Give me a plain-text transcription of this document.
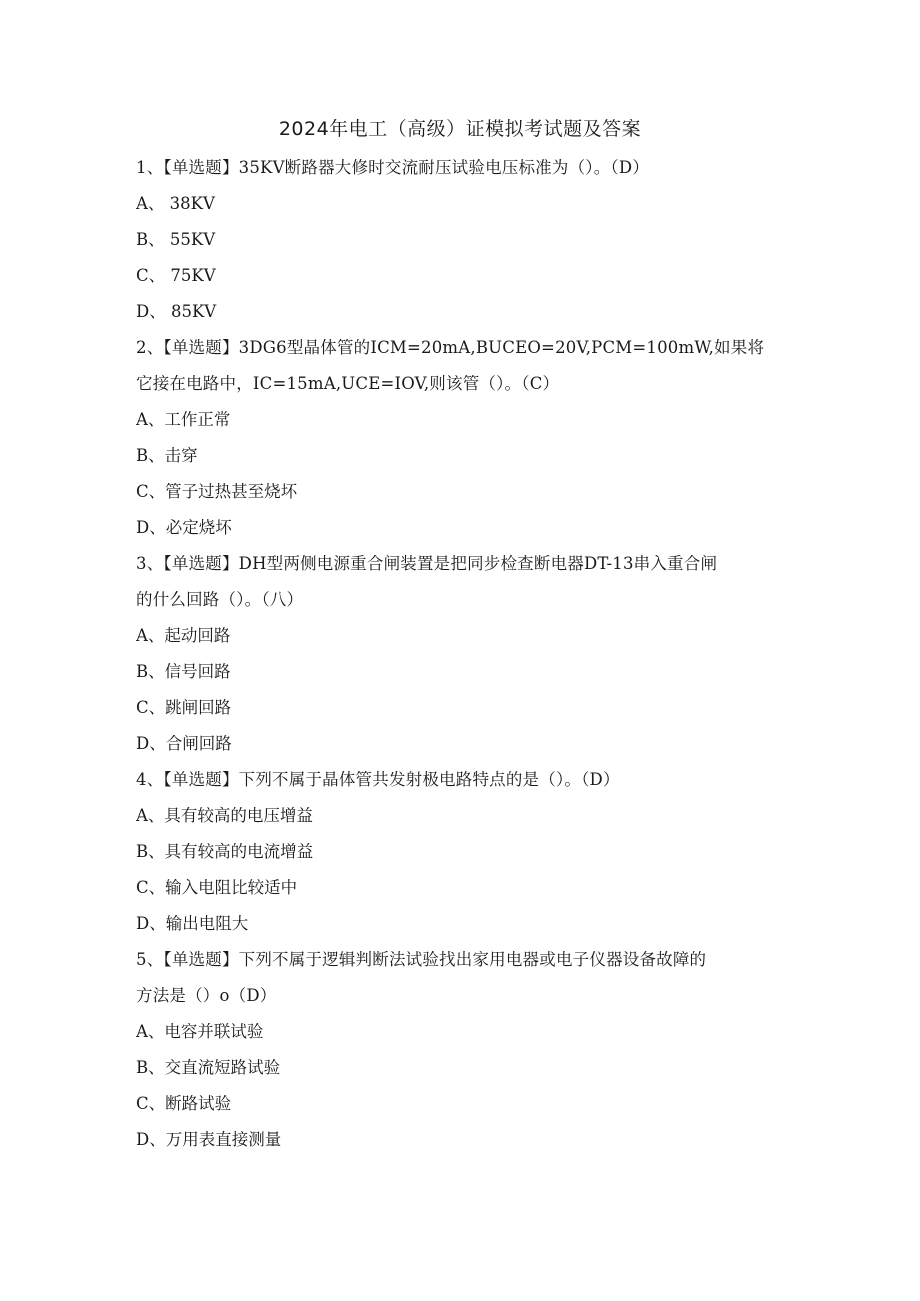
2024年电工（高级）证模拟考试题及答案
1、【单选题】35KV断路器大修时交流耐压试验电压标准为（）。（D）
A、 38KV
B、 55KV
C、 75KV
D、 85KV
2、【单选题】3DG6型晶体管的ICM=20mA,BUCEO=20V,PCM=100mW,如果将
它接在电路中，IC=15mA,UCE=IOV,则该管（）。（C）
A、工作正常
B、击穿
C、管子过热甚至烧坏
D、必定烧坏
3、【单选题】DH型两侧电源重合闸装置是把同步检查断电器DT-13串入重合闸
的什么回路（）。（八）
A、起动回路
B、信号回路
C、跳闸回路
D、合闸回路
4、【单选题】下列不属于晶体管共发射极电路特点的是（）。（D）
A、具有较高的电压增益
B、具有较高的电流增益
C、输入电阻比较适中
D、输出电阻大
5、【单选题】下列不属于逻辑判断法试验找出家用电器或电子仪器设备故障的
方法是（）o（D）
A、电容并联试验
B、交直流短路试验
C、断路试验
D、万用表直接测量
